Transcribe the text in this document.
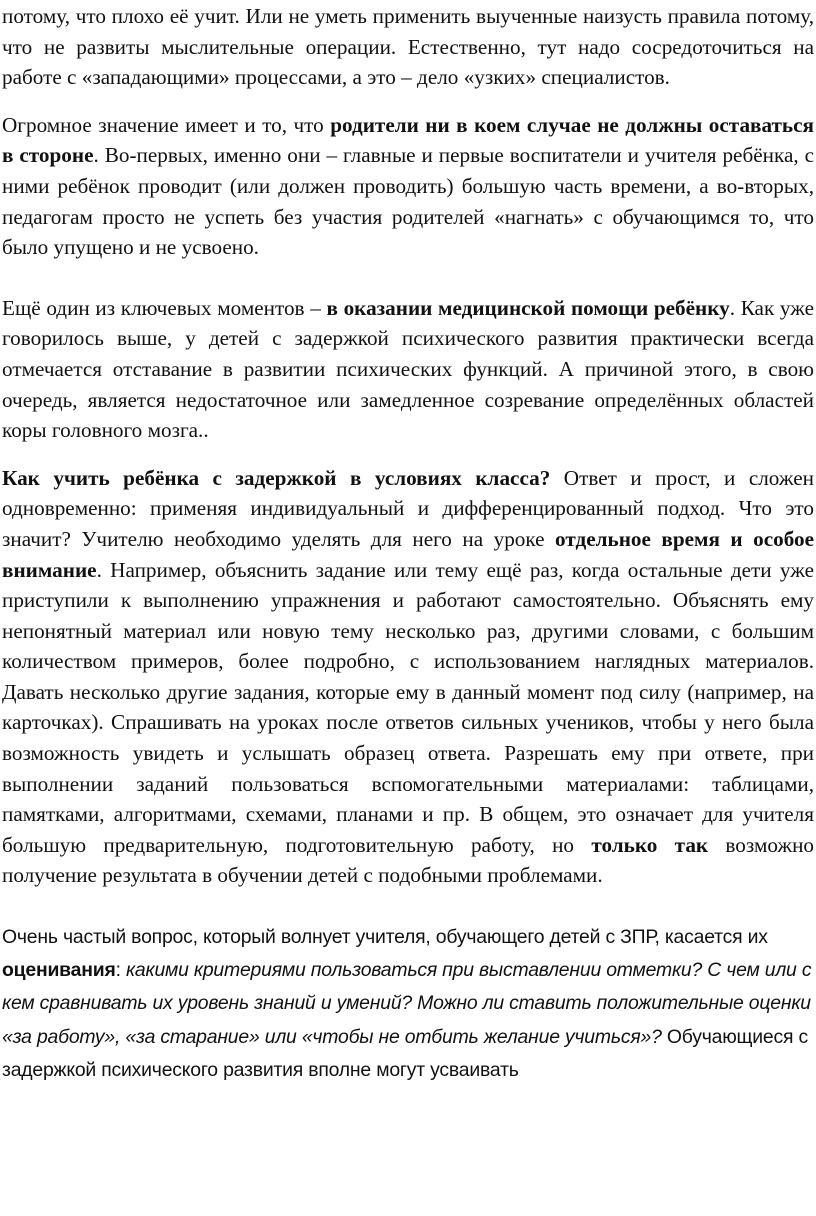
потому, что плохо её учит. Или не уметь применить выученные наизусть правила потому, что не развиты мыслительные операции. Естественно, тут надо сосредоточиться на работе с «западающими» процессами, а это – дело «узких» специалистов.

Огромное значение имеет и то, что родители ни в коем случае не должны оставаться в стороне. Во-первых, именно они – главные и первые воспитатели и учителя ребёнка, с ними ребёнок проводит (или должен проводить) большую часть времени, а во-вторых, педагогам просто не успеть без участия родителей «нагнать» с обучающимся то, что было упущено и не усвоено.

Ещё один из ключевых моментов – в оказании медицинской помощи ребёнку. Как уже говорилось выше, у детей с задержкой психического развития практически всегда отмечается отставание в развитии психических функций. А причиной этого, в свою очередь, является недостаточное или замедленное созревание определённых областей коры головного мозга..

Как учить ребёнка с задержкой в условиях класса? Ответ и прост, и сложен одновременно: применяя индивидуальный и дифференцированный подход. Что это значит? Учителю необходимо уделять для него на уроке отдельное время и особое внимание. Например, объяснить задание или тему ещё раз, когда остальные дети уже приступили к выполнению упражнения и работают самостоятельно. Объяснять ему непонятный материал или новую тему несколько раз, другими словами, с большим количеством примеров, более подробно, с использованием наглядных материалов. Давать несколько другие задания, которые ему в данный момент под силу (например, на карточках). Спрашивать на уроках после ответов сильных учеников, чтобы у него была возможность увидеть и услышать образец ответа. Разрешать ему при ответе, при выполнении заданий пользоваться вспомогательными материалами: таблицами, памятками, алгоритмами, схемами, планами и пр. В общем, это означает для учителя большую предварительную, подготовительную работу, но только так возможно получение результата в обучении детей с подобными проблемами.

Очень частый вопрос, который волнует учителя, обучающего детей с ЗПР, касается их оценивания: какими критериями пользоваться при выставлении отметки? С чем или с кем сравнивать их уровень знаний и умений? Можно ли ставить положительные оценки «за работу», «за старание» или «чтобы не отбить желание учиться»? Обучающиеся с задержкой психического развития вполне могут усваивать
